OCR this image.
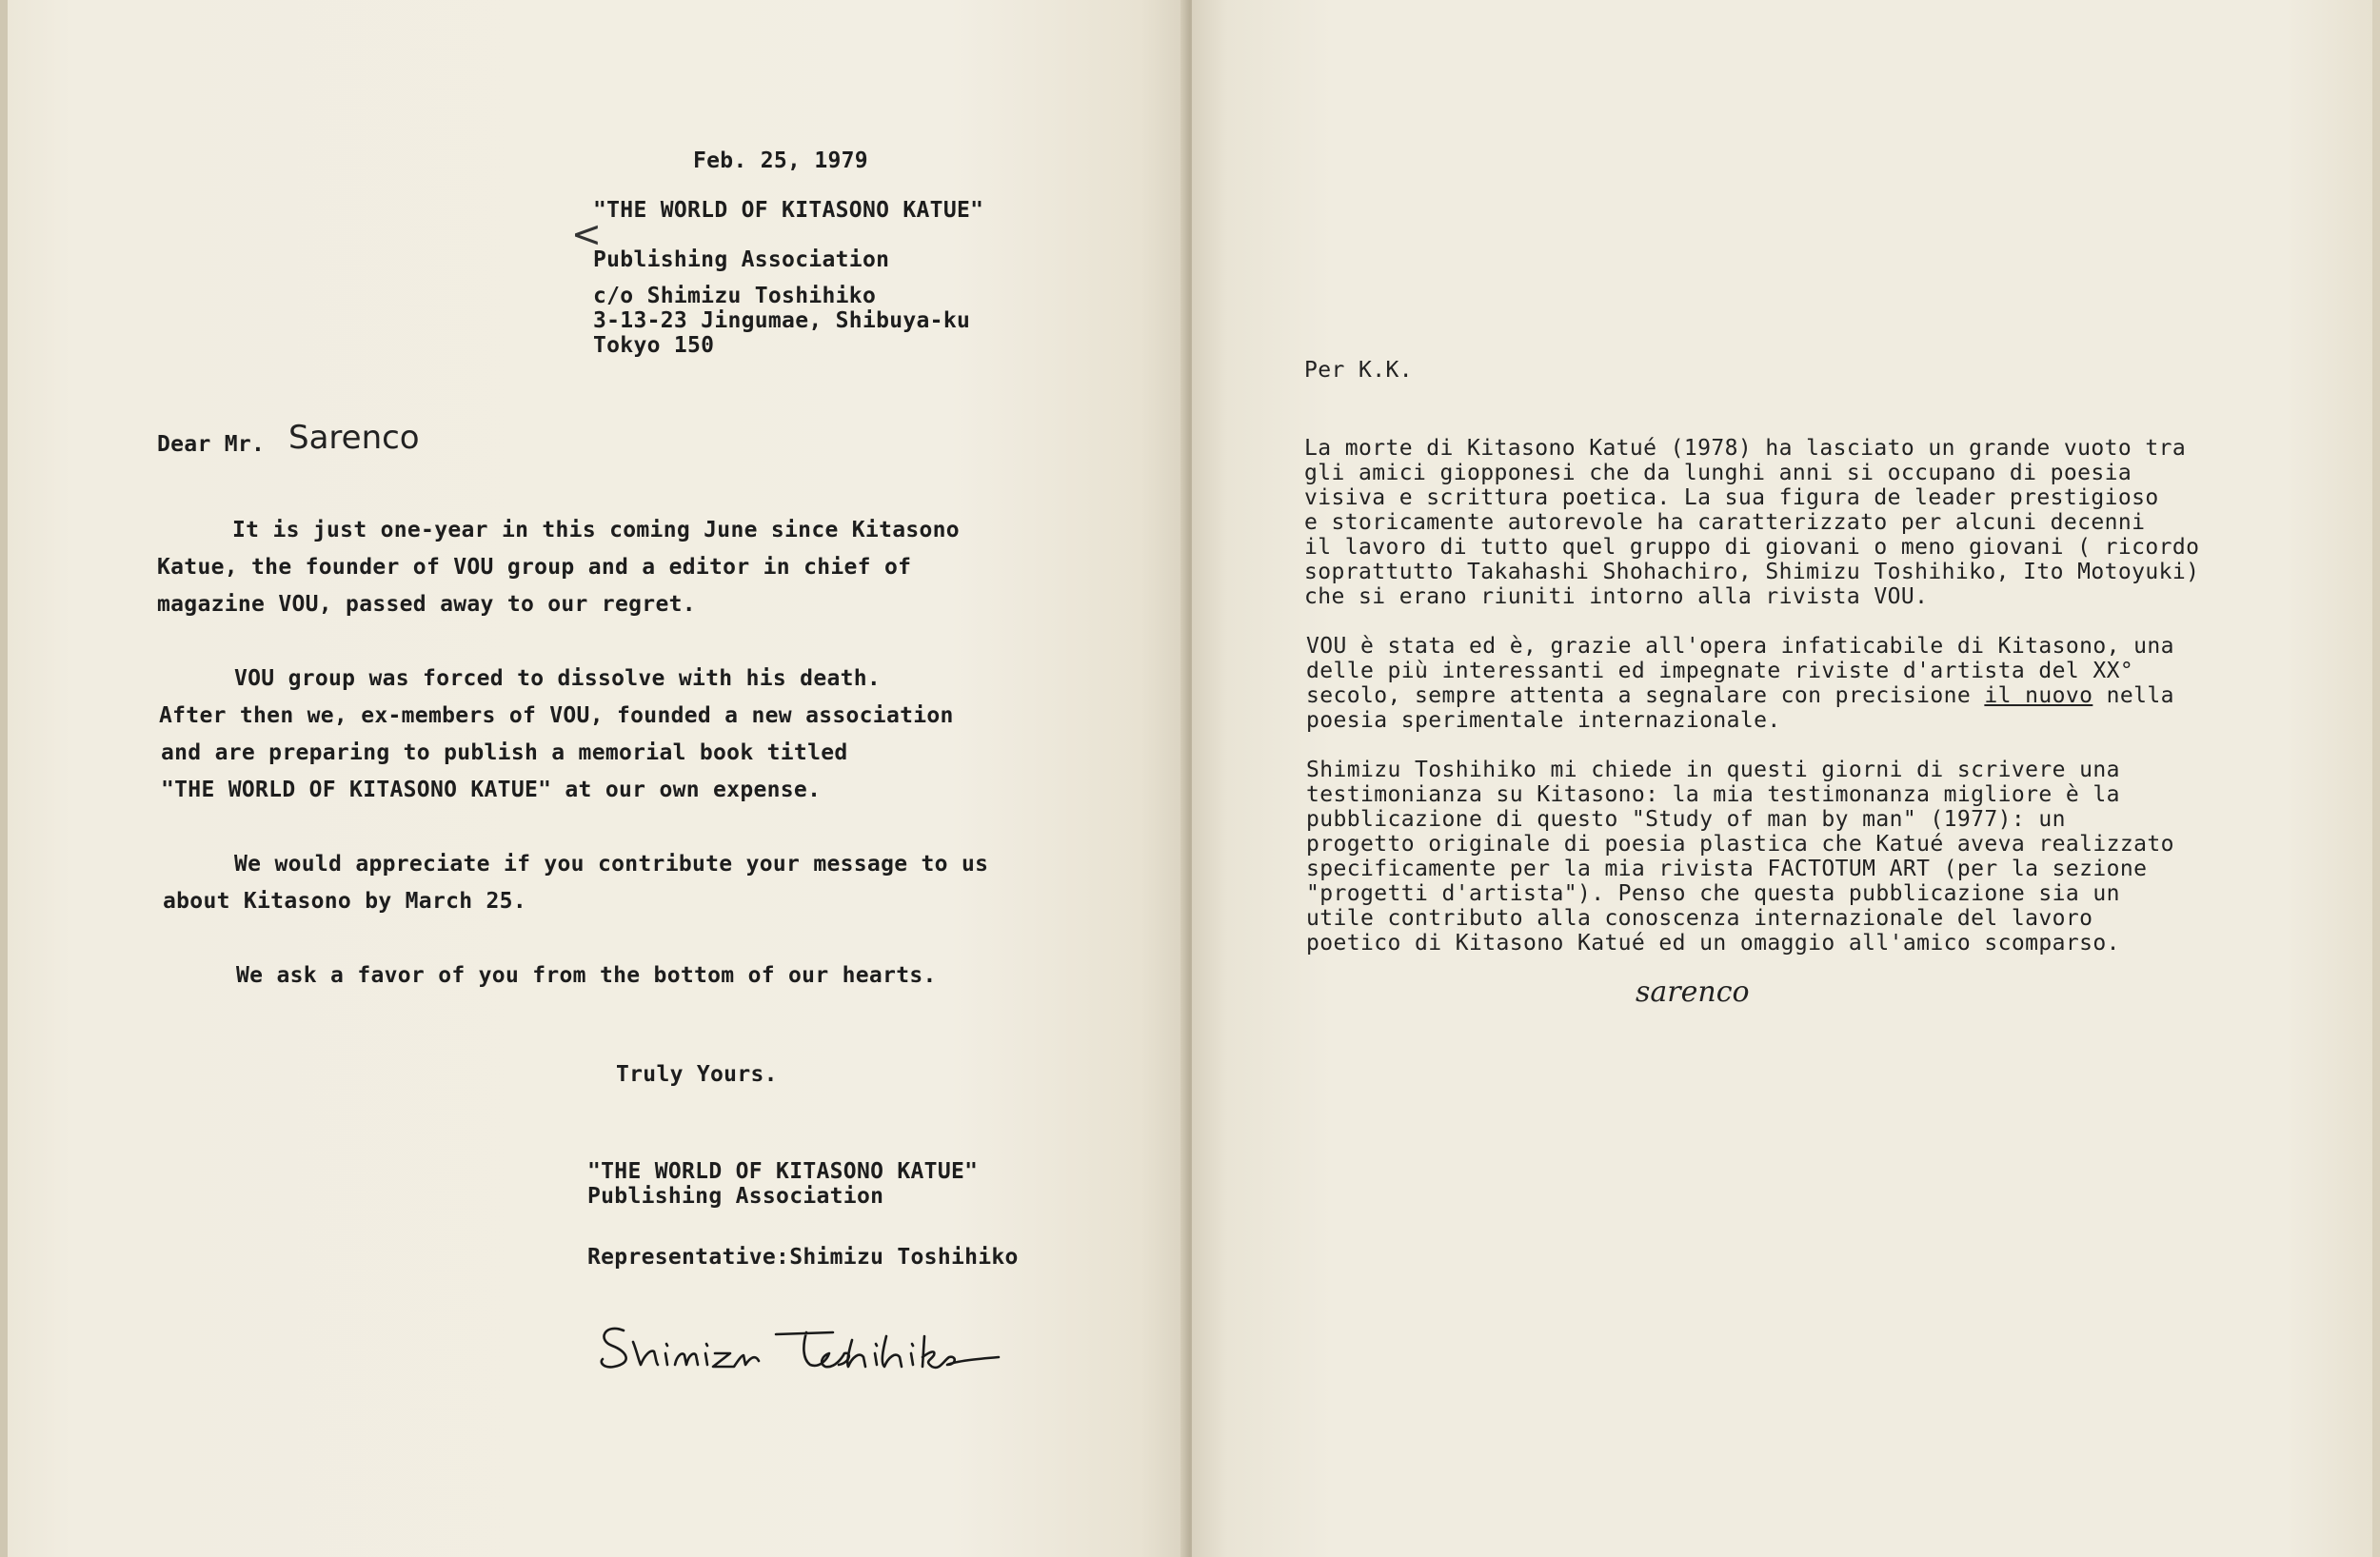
Feb. 25, 1979
<
"THE WORLD OF KITASONO KATUE"
Publishing Association
c/o Shimizu Toshihiko
3-13-23 Jingumae, Shibuya-ku
Tokyo 150
Dear Mr. Sarenco
It is just one-year in this coming June since Kitasono
Katue, the founder of VOU group and a editor in chief of
magazine VOU, passed away to our regret.
VOU group was forced to dissolve with his death.
After then we, ex-members of VOU, founded a new association
and are preparing to publish a memorial book titled
"THE WORLD OF KITASONO KATUE" at our own expense.
We would appreciate if you contribute your message to us
about Kitasono by March 25.
We ask a favor of you from the bottom of our hearts.
Truly Yours.
"THE WORLD OF KITASONO KATUE"
Publishing Association
Representative:Shimizu Toshihiko
Per K.K.
La morte di Kitasono Katué (1978) ha lasciato un grande vuoto tra
gli amici giopponesi che da lunghi anni si occupano di poesia
visiva e scrittura poetica. La sua figura de leader prestigioso
e storicamente autorevole ha caratterizzato per alcuni decenni
il lavoro di tutto quel gruppo di giovani o meno giovani ( ricordo
soprattutto Takahashi Shohachiro, Shimizu Toshihiko, Ito Motoyuki)
che si erano riuniti intorno alla rivista VOU.
VOU è stata ed è, grazie all'opera infaticabile di Kitasono, una
delle più interessanti ed impegnate riviste d'artista del XX°
secolo, sempre attenta a segnalare con precisione il nuovo nella
poesia sperimentale internazionale.
Shimizu Toshihiko mi chiede in questi giorni di scrivere una
testimonianza su Kitasono: la mia testimonanza migliore è la
pubblicazione di questo "Study of man by man" (1977): un
progetto originale di poesia plastica che Katué aveva realizzato
specificamente per la mia rivista FACTOTUM ART (per la sezione
"progetti d'artista"). Penso che questa pubblicazione sia un
utile contributo alla conoscenza internazionale del lavoro
poetico di Kitasono Katué ed un omaggio all'amico scomparso.
sarenco
